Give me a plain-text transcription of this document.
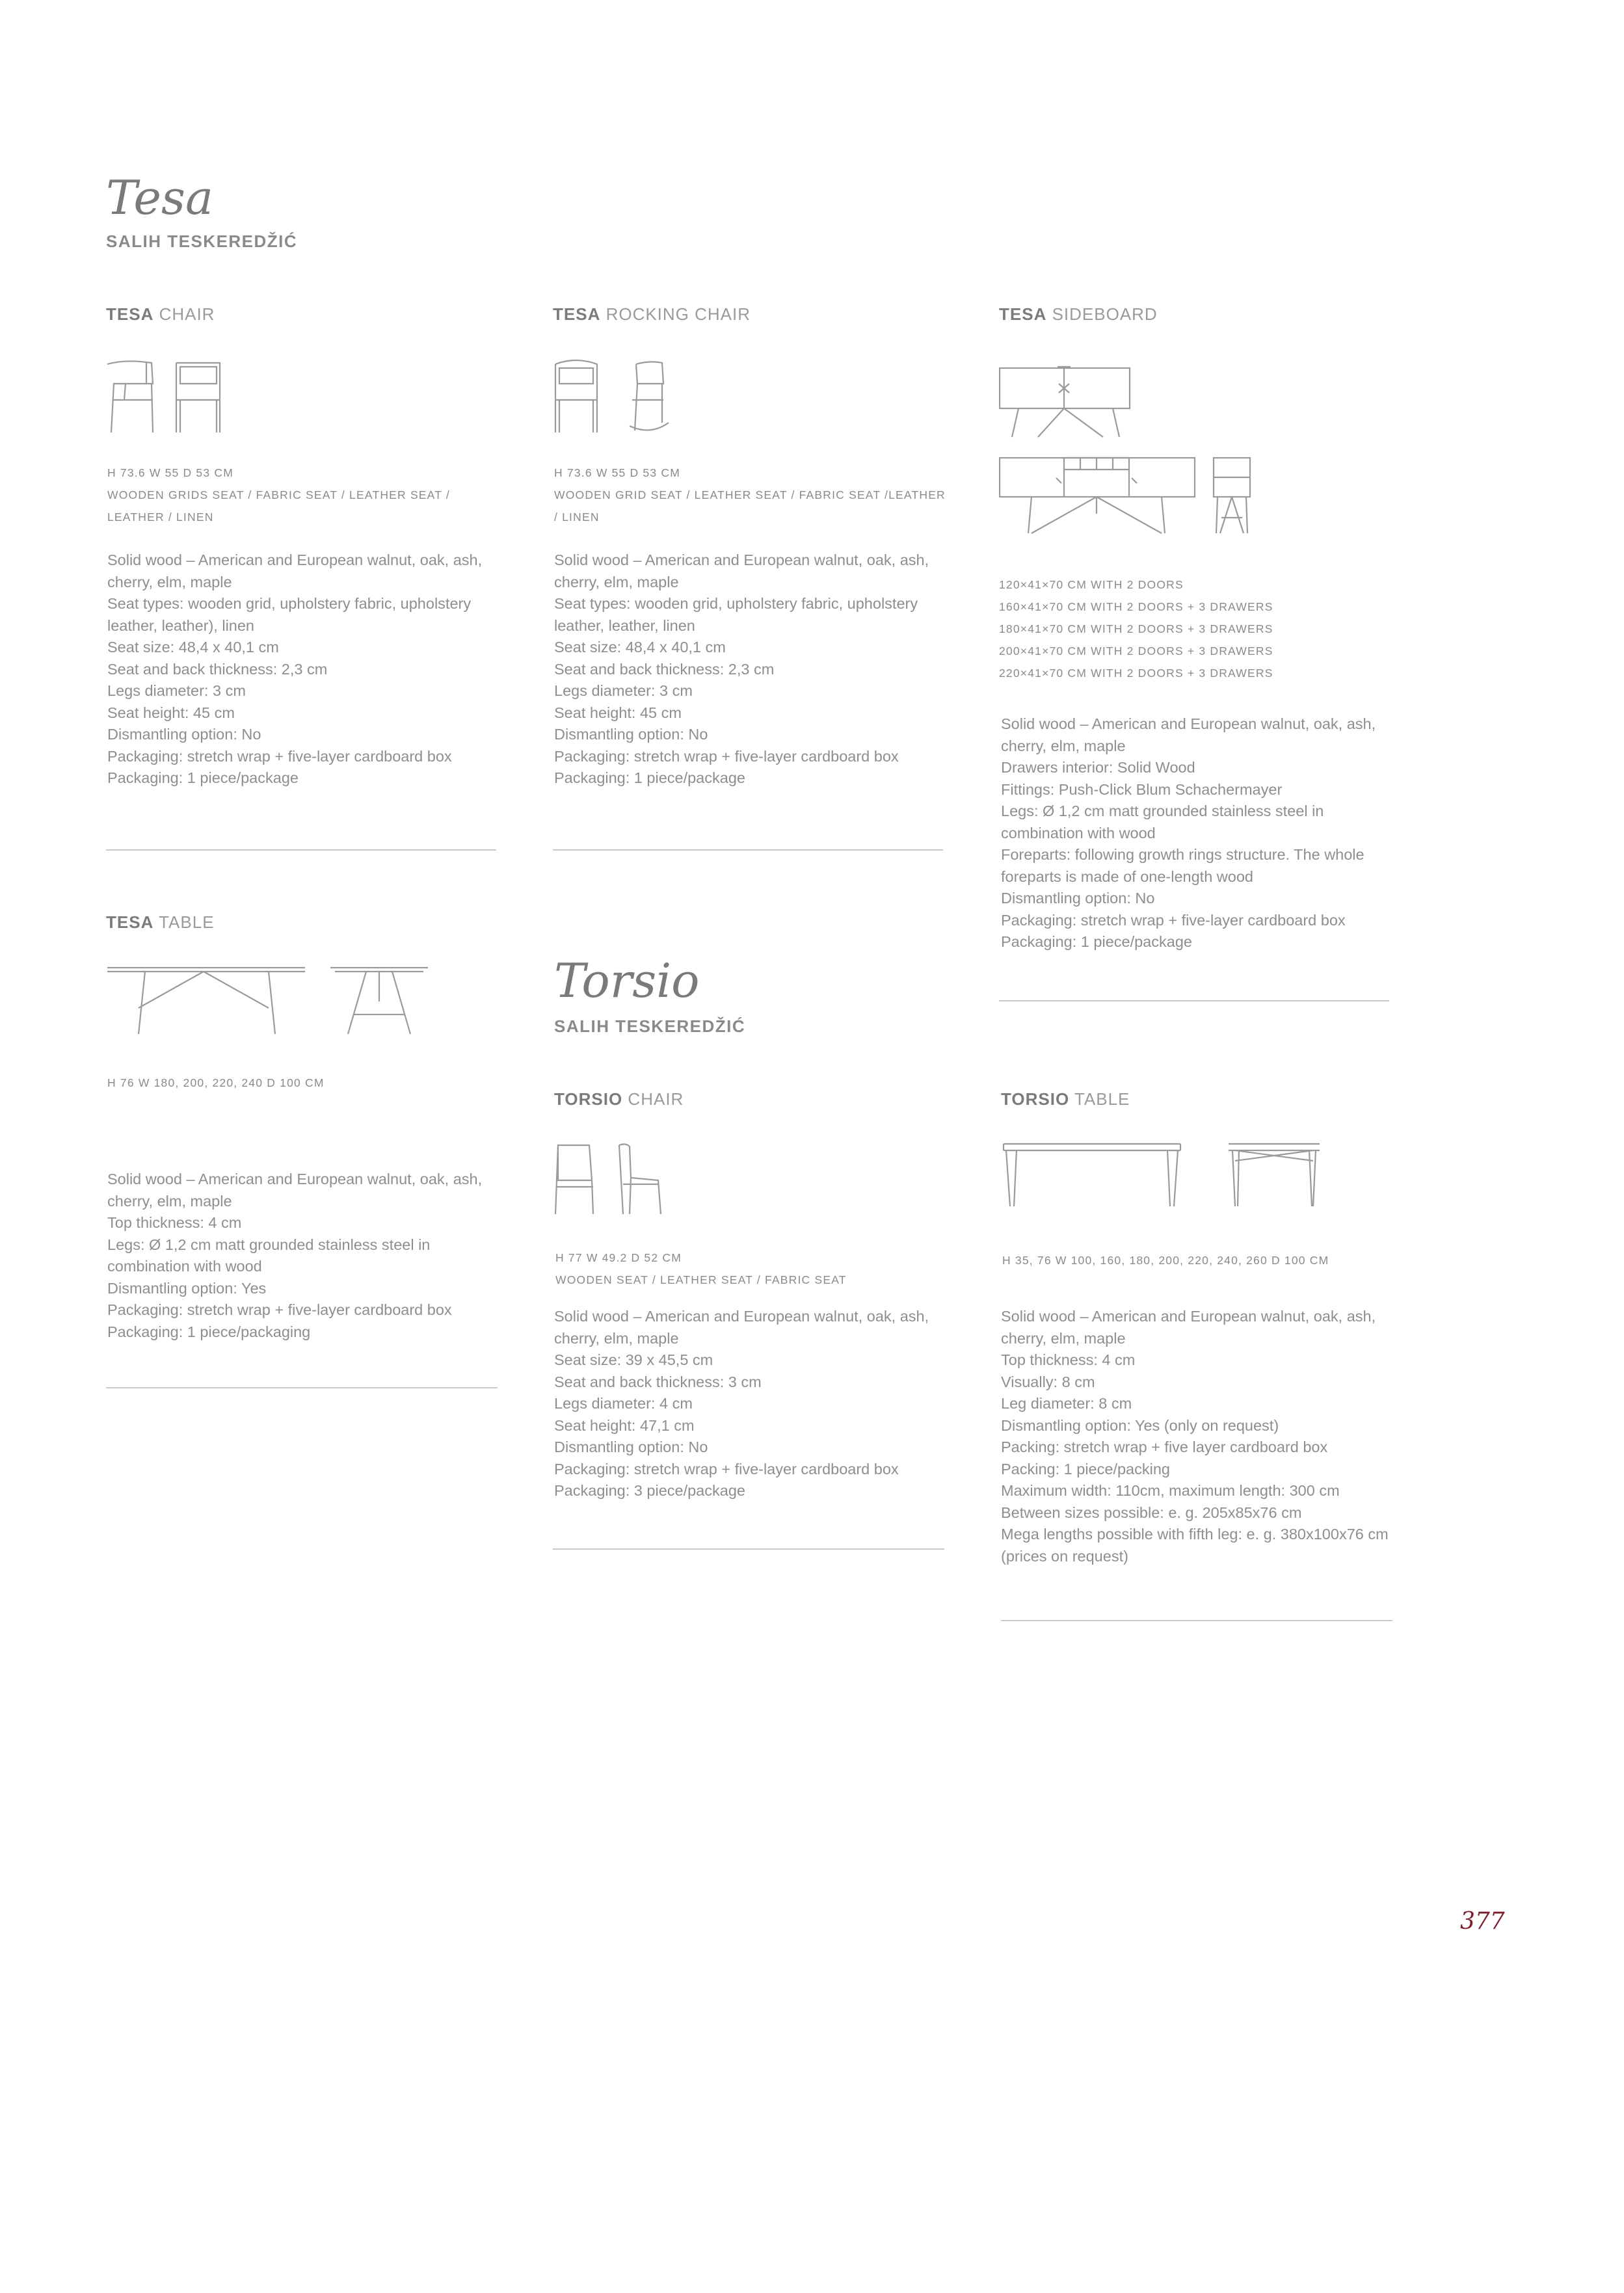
Tesa
SALIH TESKEREDŽIĆ
TESA CHAIR
H 73.6 W 55 D 53 CM
WOODEN GRIDS SEAT / FABRIC SEAT / LEATHER SEAT /
LEATHER / LINEN
Solid wood – American and European walnut, oak, ash,
cherry, elm, maple
Seat types: wooden grid, upholstery fabric, upholstery
leather, leather), linen
Seat size: 48,4 x 40,1 cm
Seat and back thickness: 2,3 cm
Legs diameter: 3 cm
Seat height: 45 cm
Dismantling option: No
Packaging: stretch wrap + five-layer cardboard box
Packaging: 1 piece/package
TESA ROCKING CHAIR
H 73.6 W 55 D 53 CM
WOODEN GRID SEAT / LEATHER SEAT / FABRIC SEAT /LEATHER
/ LINEN
Solid wood – American and European walnut, oak, ash,
cherry, elm, maple
Seat types: wooden grid, upholstery fabric, upholstery
leather, leather, linen
Seat size: 48,4 x 40,1 cm
Seat and back thickness: 2,3 cm
Legs diameter: 3 cm
Seat height: 45 cm
Dismantling option: No
Packaging: stretch wrap + five-layer cardboard box
Packaging: 1 piece/package
TESA SIDEBOARD
120×41×70 CM WITH 2 DOORS
160×41×70 CM WITH 2 DOORS + 3 DRAWERS
180×41×70 CM WITH 2 DOORS + 3 DRAWERS
200×41×70 CM WITH 2 DOORS + 3 DRAWERS
220×41×70 CM WITH 2 DOORS + 3 DRAWERS
Solid wood – American and European walnut, oak, ash,
cherry, elm, maple
Drawers interior: Solid Wood
Fittings: Push-Click Blum Schachermayer
Legs: Ø 1,2 cm matt grounded stainless steel in
combination with wood
Foreparts: following growth rings structure. The whole
foreparts is made of one-length wood
Dismantling option: No
Packaging: stretch wrap + five-layer cardboard box
Packaging: 1 piece/package
TESA TABLE
H 76 W 180, 200, 220, 240 D 100 CM
Solid wood – American and European walnut, oak, ash,
cherry, elm, maple
Top thickness: 4 cm
Legs: Ø 1,2 cm matt grounded stainless steel in
combination with wood
Dismantling option: Yes
Packaging: stretch wrap + five-layer cardboard box
Packaging: 1 piece/packaging
Torsio
SALIH TESKEREDŽIĆ
TORSIO CHAIR
H 77 W 49.2 D 52 CM
WOODEN SEAT / LEATHER SEAT / FABRIC SEAT
Solid wood – American and European walnut, oak, ash,
cherry, elm, maple
Seat size: 39 x 45,5 cm
Seat and back thickness: 3 cm
Legs diameter: 4 cm
Seat height: 47,1 cm
Dismantling option: No
Packaging: stretch wrap + five-layer cardboard box
Packaging: 3 piece/package
TORSIO TABLE
H 35, 76 W 100, 160, 180, 200, 220, 240, 260 D 100 CM
Solid wood – American and European walnut, oak, ash,
cherry, elm, maple
Top thickness: 4 cm
Visually: 8 cm
Leg diameter: 8 cm
Dismantling option: Yes (only on request)
Packing: stretch wrap + five layer cardboard box
Packing: 1 piece/packing
Maximum width: 110cm, maximum length: 300 cm
Between sizes possible: e. g. 205x85x76 cm
Mega lengths possible with fifth leg: e. g. 380x100x76 cm
(prices on request)
377
